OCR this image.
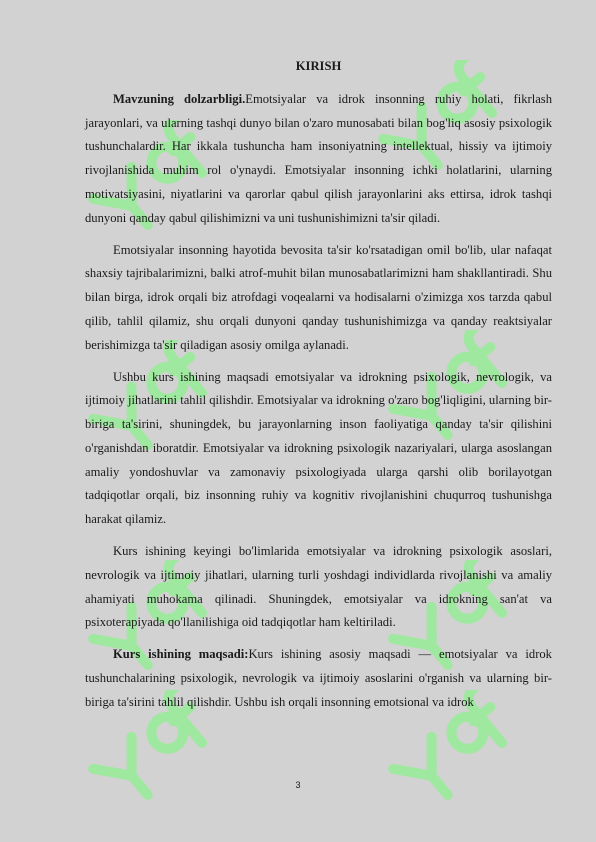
KIRISH

Mavzuning dolzarbligi.Emotsiyalar va idrok insonning ruhiy holati, fikrlash jarayonlari, va ularning tashqi dunyo bilan o'zaro munosabati bilan bog'liq asosiy psixologik tushunchalardir. Har ikkala tushuncha ham insoniyatning intellektual, hissiy va ijtimoiy rivojlanishida muhim rol o'ynaydi. Emotsiyalar insonning ichki holatlarini, ularning motivatsiyasini, niyatlarini va qarorlar qabul qilish jarayonlarini aks ettirsa, idrok tashqi dunyoni qanday qabul qilishimizni va uni tushunishimizni ta'sir qiladi.

Emotsiyalar insonning hayotida bevosita ta'sir ko'rsatadigan omil bo'lib, ular nafaqat shaxsiy tajribalarimizni, balki atrof-muhit bilan munosabatlarimizni ham shakllantiradi. Shu bilan birga, idrok orqali biz atrofdagi voqealarni va hodisalarni o'zimizga xos tarzda qabul qilib, tahlil qilamiz, shu orqali dunyoni qanday tushunishimizga va qanday reaktsiyalar berishimizga ta'sir qiladigan asosiy omilga aylanadi.

Ushbu kurs ishining maqsadi emotsiyalar va idrokning psixologik, nevrologik, va ijtimoiy jihatlarini tahlil qilishdir. Emotsiyalar va idrokning o'zaro bog'liqligini, ularning bir-biriga ta'sirini, shuningdek, bu jarayonlarning inson faoliyatiga qanday ta'sir qilishini o'rganishdan iboratdir. Emotsiyalar va idrokning psixologik nazariyalari, ularga asoslangan amaliy yondoshuvlar va zamonaviy psixologiyada ularga qarshi olib borilayotgan tadqiqotlar orqali, biz insonning ruhiy va kognitiv rivojlanishini chuqurroq tushunishga harakat qilamiz.

Kurs ishining keyingi bo'limlarida emotsiyalar va idrokning psixologik asoslari, nevrologik va ijtimoiy jihatlari, ularning turli yoshdagi individlarda rivojlanishi va amaliy ahamiyati muhokama qilinadi. Shuningdek, emotsiyalar va idrokning san'at va psixoterapiyada qo'llanilishiga oid tadqiqotlar ham keltiriladi.

Kurs ishining maqsadi:Kurs ishining asosiy maqsadi — emotsiyalar va idrok tushunchalarining psixologik, nevrologik va ijtimoiy asoslarini o'rganish va ularning bir-biriga ta'sirini tahlil qilishdir. Ushbu ish orqali insonning emotsional va idrok

3
